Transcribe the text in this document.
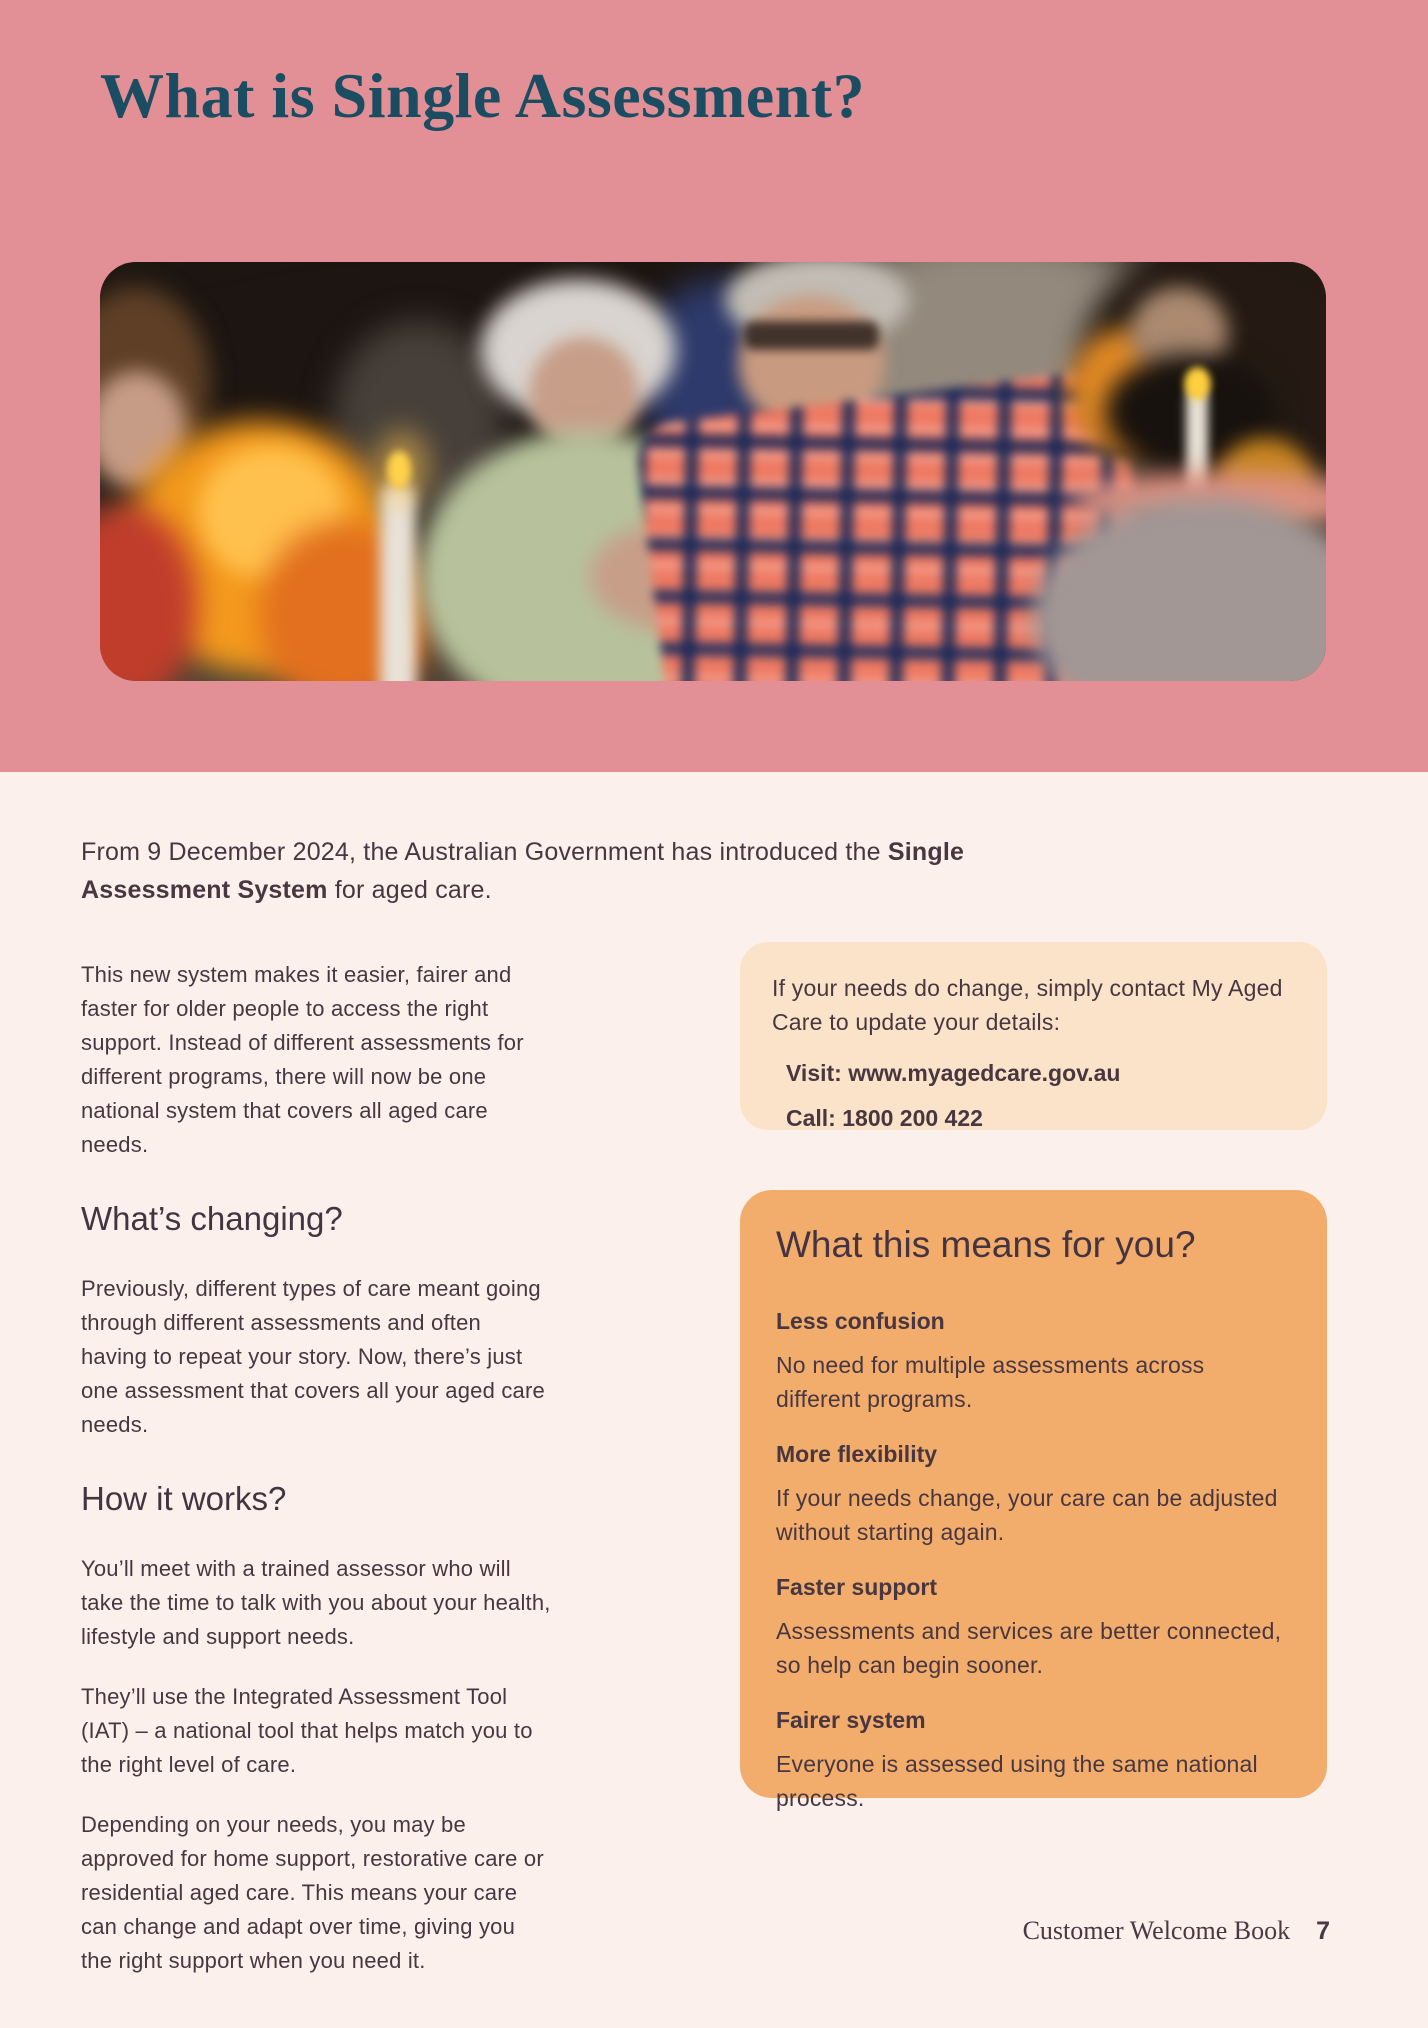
What is Single Assessment?

From 9 December 2024, the Australian Government has introduced the Single Assessment System for aged care.

This new system makes it easier, fairer and faster for older people to access the right support. Instead of different assessments for different programs, there will now be one national system that covers all aged care needs.

What’s changing?

Previously, different types of care meant going through different assessments and often having to repeat your story. Now, there’s just one assessment that covers all your aged care needs.

How it works?

You’ll meet with a trained assessor who will take the time to talk with you about your health, lifestyle and support needs.

They’ll use the Integrated Assessment Tool (IAT) – a national tool that helps match you to the right level of care.

Depending on your needs, you may be approved for home support, restorative care or residential aged care. This means your care can change and adapt over time, giving you the right support when you need it.

If your needs do change, simply contact My Aged Care to update your details:

Visit: www.myagedcare.gov.au

Call: 1800 200 422

What this means for you?

Less confusion

No need for multiple assessments across different programs.

More flexibility

If your needs change, your care can be adjusted without starting again.

Faster support

Assessments and services are better connected, so help can begin sooner.

Fairer system

Everyone is assessed using the same national process.

Customer Welcome Book 7
